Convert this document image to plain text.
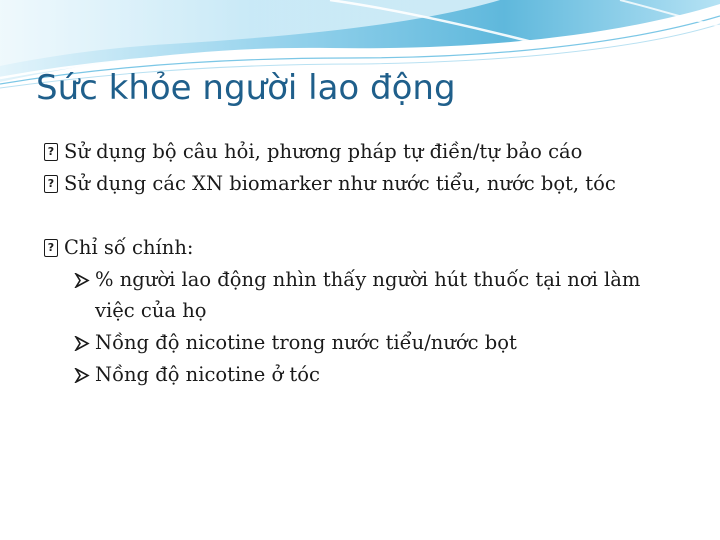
Sức khỏe người lao động
?
Sử dụng bộ câu hỏi, phương pháp tự điền/tự bảo cáo
?
Sử dụng các XN biomarker như nước tiểu, nước bọt, tóc
?
Chỉ số chính:
% người lao động nhìn thấy người hút thuốc tại nơi làm việc của họ
Nồng độ nicotine trong nước tiểu/nước bọt
Nồng độ nicotine ở tóc
